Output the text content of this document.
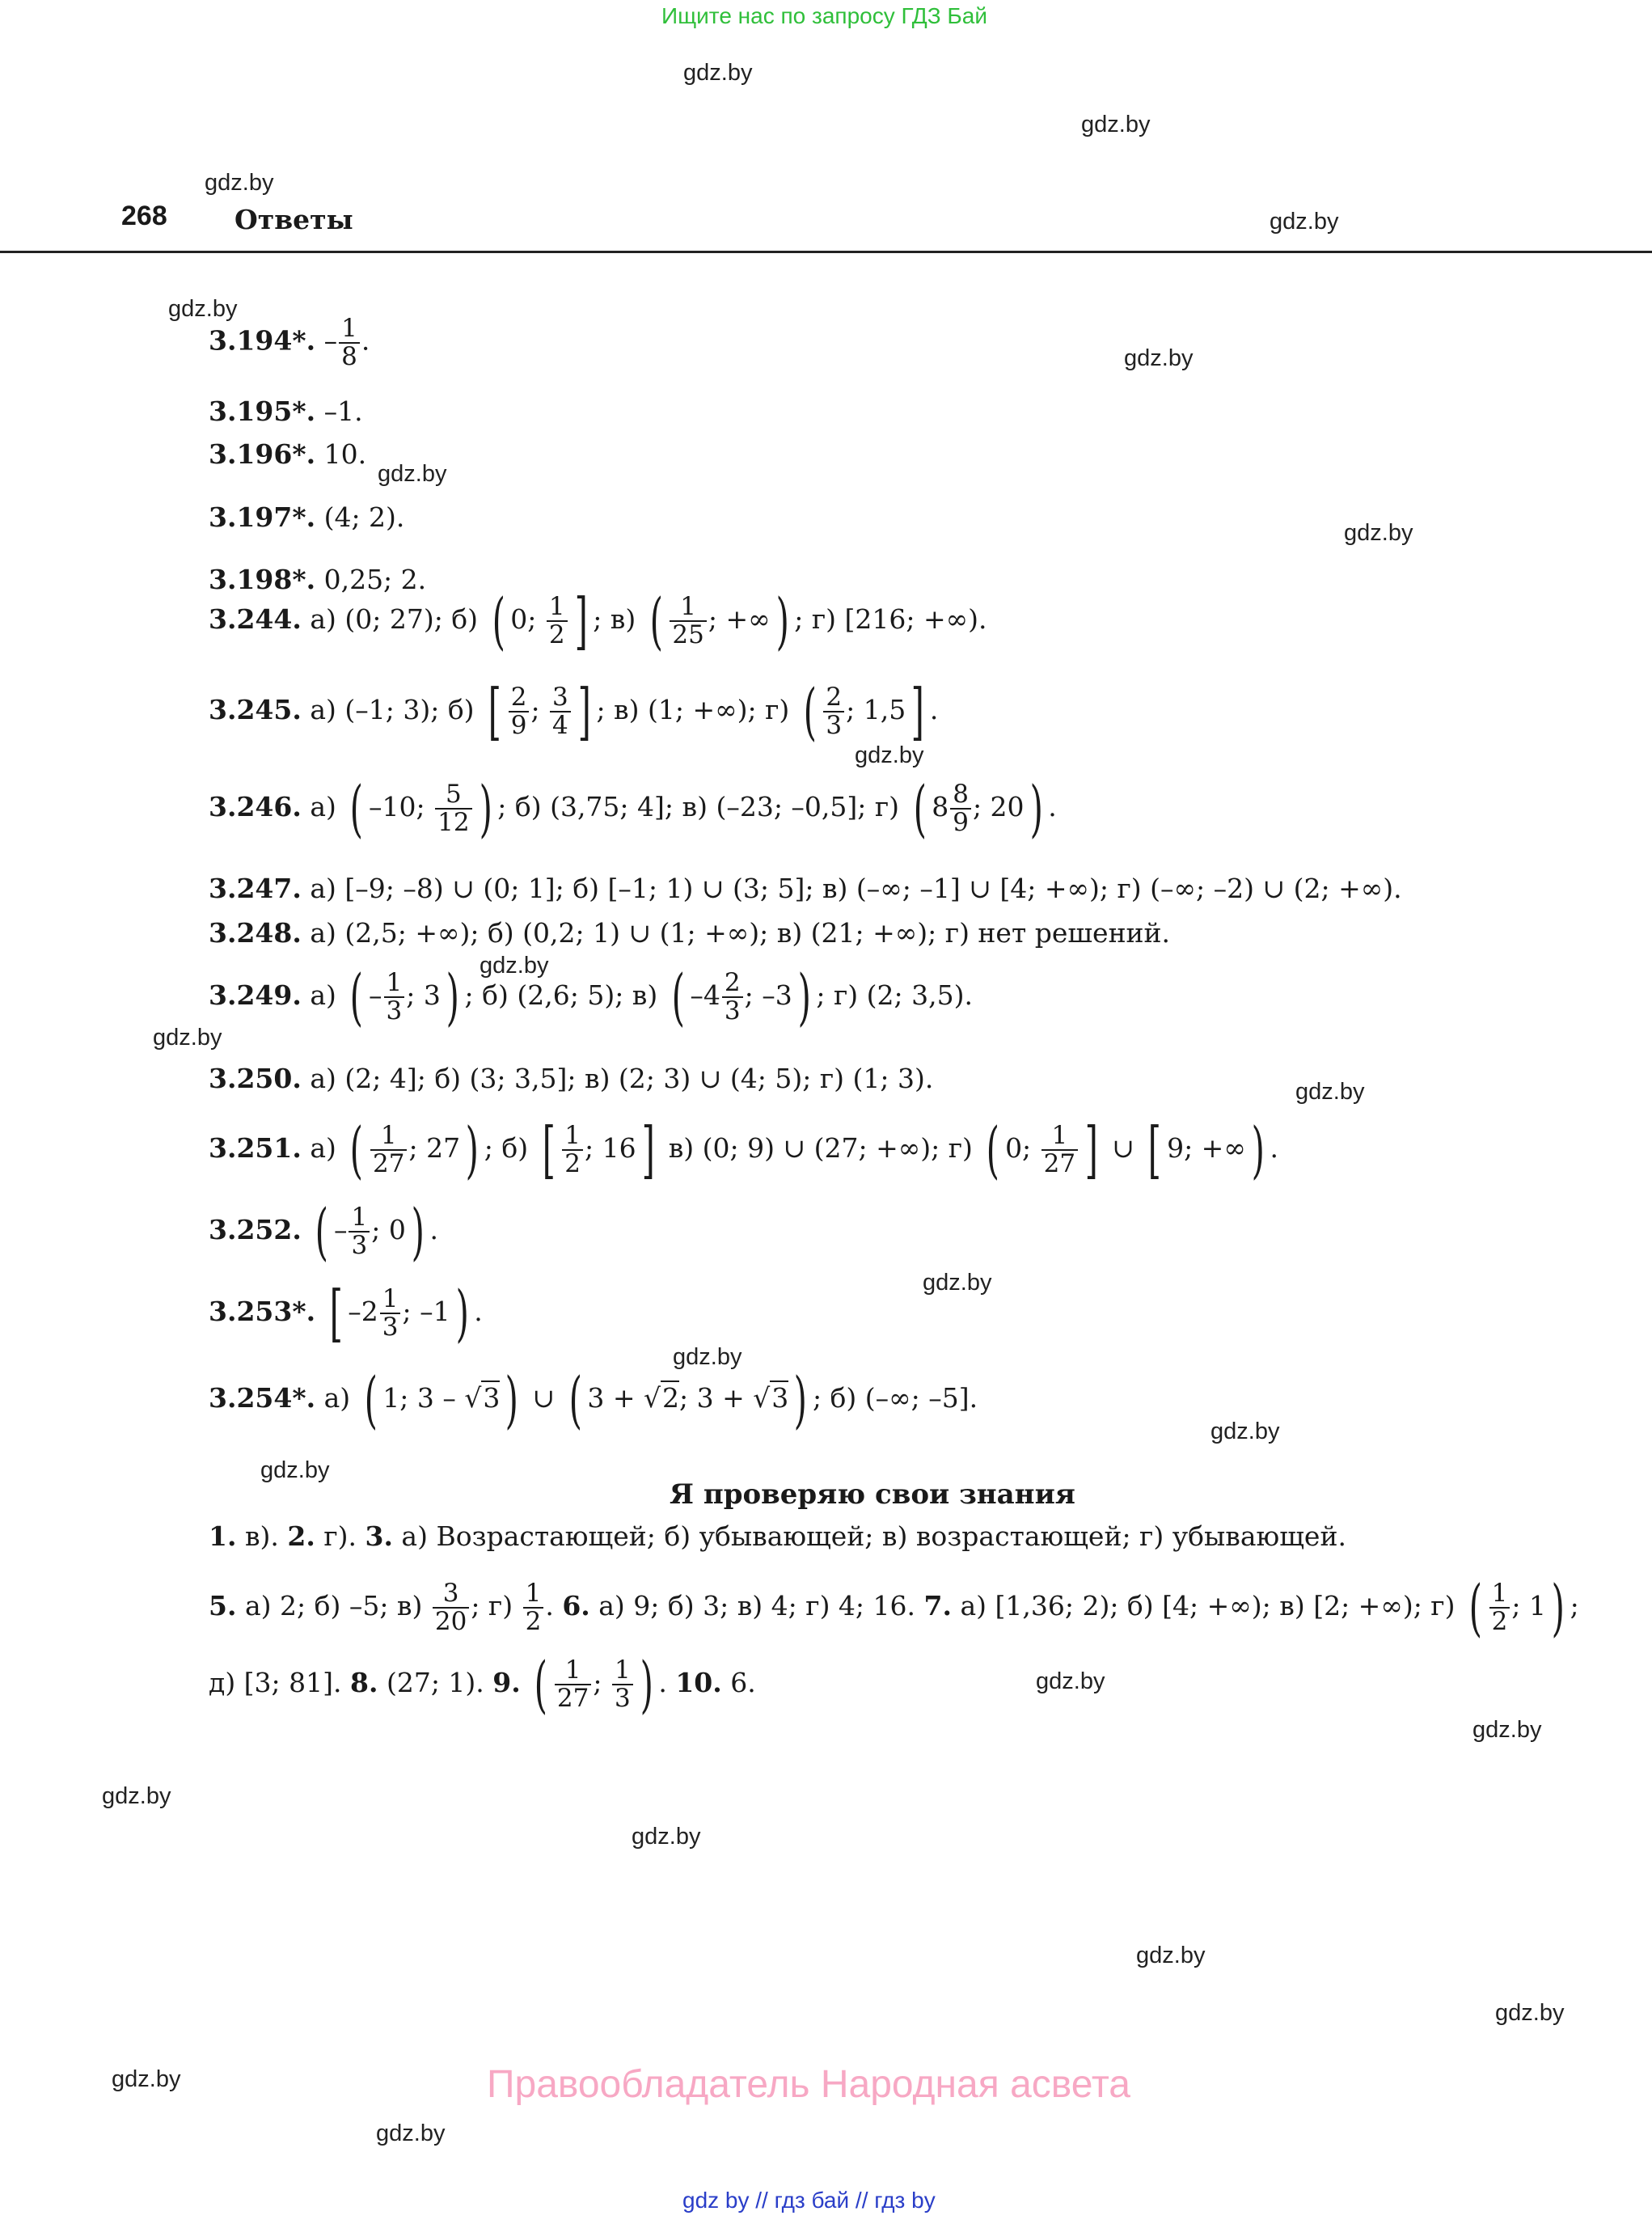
Ищите нас по запросу ГДЗ Бай
gdz.by
gdz.by
gdz.by
gdz.by
gdz.by
gdz.by
gdz.by
gdz.by
gdz.by
gdz.by
gdz.by
gdz.by
gdz.by
gdz.by
gdz.by
gdz.by
gdz.by
gdz.by
gdz.by
gdz.by
gdz.by
gdz.by
gdz.by
gdz.by
268	Ответы
3.194*. – $\frac{1}{8}$ .
3.195*. –1.
3.196*. 10.
3.197*. (4; 2).
3.198*. 0,25; 2.
3.244. а) (0; 27); б) ( 0; $\frac{1}{2}$ ] ; в) ( $\frac{1}{25}$ ; +∞) ; г) [216; +∞).
3.245. а) (–1; 3); б) [ $\frac{2}{9}$ ; $\frac{3}{4}$ ] ; в) (1; +∞); г) ( $\frac{2}{3}$ ; 1,5] .
3.246. а) ( –10; $\frac{5}{12}$ ) ; б) (3,75; 4]; в) (–23; –0,5]; г) ( $8 \frac{8}{9}$ ; 20) .
3.247. а) [–9; –8) ∪ (0; 1]; б) [–1; 1) ∪ (3; 5]; в) (–∞; –1] ∪ [4; +∞); г) (–∞; –2) ∪ (2; +∞).
3.248. а) (2,5; +∞); б) (0,2; 1) ∪ (1; +∞); в) (21; +∞); г) нет решений.
3.249. а) ( – $\frac{1}{3}$ ; 3) ; б) (2,6; 5); в) ( $-4 \frac{2}{3}$ ; –3) ; г) (2; 3,5).
3.250. а) (2; 4]; б) (3; 3,5]; в) (2; 3) ∪ (4; 5); г) (1; 3).
3.251. а) ( $\frac{1}{27}$ ; 27) ; б) [ $\frac{1}{2}$ ; 16] в) (0; 9) ∪ (27; +∞); г) ( 0; $\frac{1}{27}$ ] ∪ [ 9; +∞) .
3.252. ( – $\frac{1}{3}$ ; 0) .
3.253*. [ $-2 \frac{1}{3}$ ; –1) .
3.254*. а) ( 1; 3 – √3) ∪ ( 3 + √2; 3 + √3) ; б) (–∞; –5].
Я проверяю свои знания
1. в). 2. г). 3. а) Возрастающей; б) убывающей; в) возрастающей; г) убывающей.
5. а) 2; б) –5; $в) \frac{3}{20}$ ; $г) \frac{1}{2}$ . 6. а) 9; б) 3; в) 4; г) 4; 16. 7. а) [1,36; 2); б) [4; +∞); в) [2; +∞); г) ( $\frac{1}{2}$ ; 1) ;
д) [3; 81]. 8. (27; 1). 9. ( $\frac{1}{27}$ ; $\frac{1}{3}$ ) . 10. 6.
Правообладатель Народная асвета
gdz by // гдз бай // гдз by
